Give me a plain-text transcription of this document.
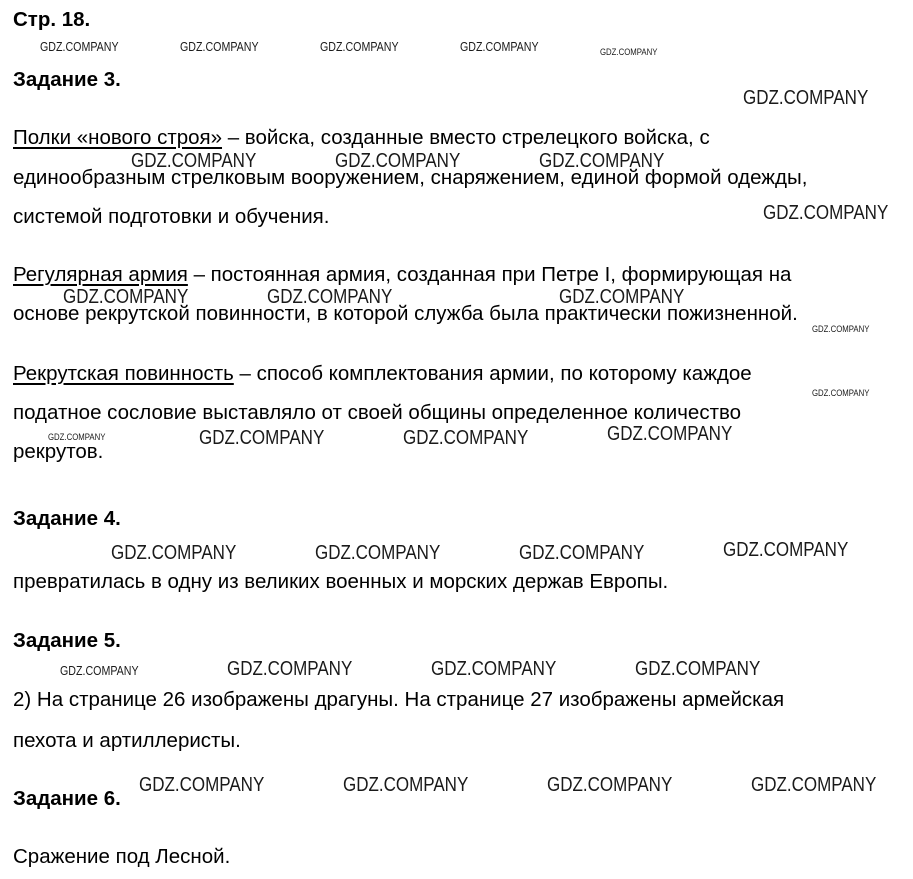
Стр. 18.
Задание 3.
Полки «нового строя» – войска, созданные вместо стрелецкого войска, с
единообразным стрелковым вооружением, снаряжением, единой формой одежды,
системой подготовки и обучения.
Регулярная армия – постоянная армия, созданная при Петре I, формирующая на
основе рекрутской повинности, в которой служба была практически пожизненной.
Рекрутская повинность – способ комплектования армии, по которому каждое
податное сословие выставляло от своей общины определенное количество
рекрутов.
Задание 4.
превратилась в одну из великих военных и морских держав Европы.
Задание 5.
2) На странице 26 изображены драгуны. На странице 27 изображены армейская
пехота и артиллеристы.
Задание 6.
Сражение под Лесной.
GDZ.COMPANY	GDZ.COMPANY	GDZ.COMPANY	GDZ.COMPANY	GDZ.COMPANY
GDZ.COMPANY
GDZ.COMPANY	GDZ.COMPANY	GDZ.COMPANY
GDZ.COMPANY
GDZ.COMPANY	GDZ.COMPANY	GDZ.COMPANY
GDZ.COMPANY
GDZ.COMPANY
GDZ.COMPANY	GDZ.COMPANY	GDZ.COMPANY	GDZ.COMPANY
GDZ.COMPANY	GDZ.COMPANY	GDZ.COMPANY	GDZ.COMPANY
GDZ.COMPANY	GDZ.COMPANY	GDZ.COMPANY	GDZ.COMPANY
GDZ.COMPANY	GDZ.COMPANY	GDZ.COMPANY	GDZ.COMPANY
